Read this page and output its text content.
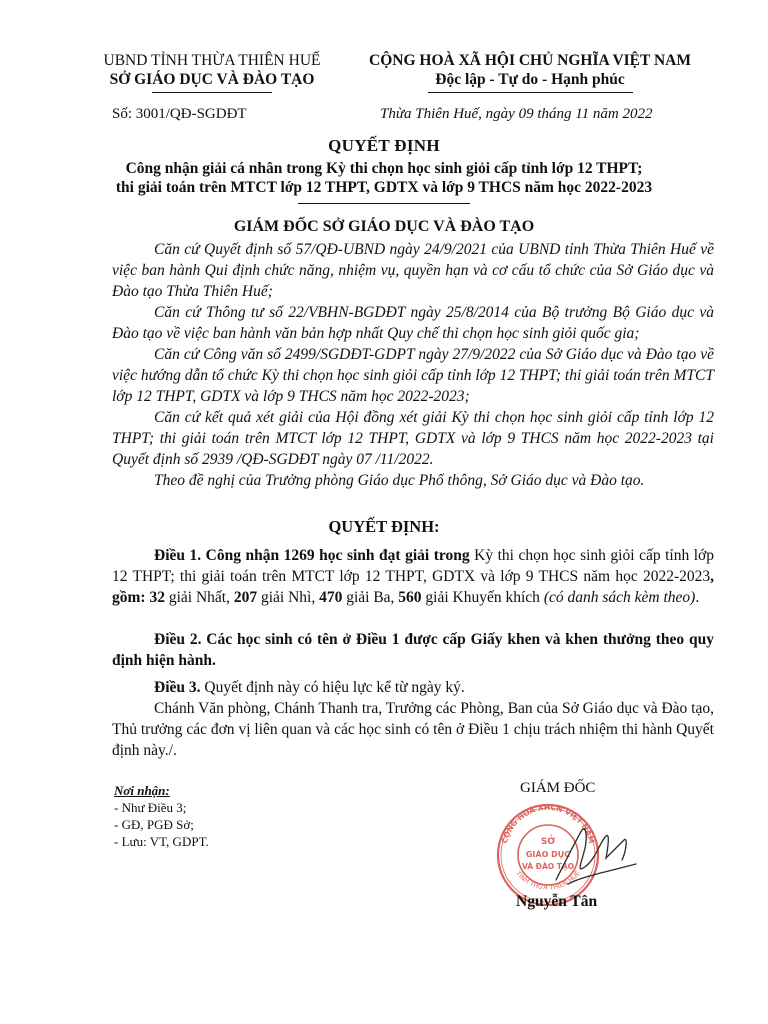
UBND TỈNH THỪA THIÊN HUẾ
SỞ GIÁO DỤC VÀ ĐÀO TẠO
CỘNG HOÀ XÃ HỘI CHỦ NGHĨA VIỆT NAM
Độc lập - Tự do - Hạnh phúc
Số: 3001/QĐ-SGDĐT	Thừa Thiên Huế, ngày 09 tháng 11 năm 2022
QUYẾT ĐỊNH
Công nhận giải cá nhân trong Kỳ thi chọn học sinh giỏi cấp tỉnh lớp 12 THPT;
thi giải toán trên MTCT lớp 12 THPT, GDTX và lớp 9 THCS năm học 2022-2023
GIÁM ĐỐC SỞ GIÁO DỤC VÀ ĐÀO TẠO
Căn cứ Quyết định số 57/QĐ-UBND ngày 24/9/2021 của UBND tỉnh Thừa Thiên Huế về việc ban hành Qui định chức năng, nhiệm vụ, quyền hạn và cơ cấu tổ chức của Sở Giáo dục và Đào tạo Thừa Thiên Huế;
Căn cứ Thông tư số 22/VBHN-BGDĐT ngày 25/8/2014 của Bộ trưởng Bộ Giáo dục và Đào tạo về việc ban hành văn bản hợp nhất Quy chế thi chọn học sinh giỏi quốc gia;
Căn cứ Công văn số 2499/SGDĐT-GDPT ngày 27/9/2022 của Sở Giáo dục và Đào tạo về việc hướng dẫn tổ chức Kỳ thi chọn học sinh giỏi cấp tỉnh lớp 12 THPT; thi giải toán trên MTCT lớp 12 THPT, GDTX và lớp 9 THCS năm học 2022-2023;
Căn cứ kết quả xét giải của Hội đồng xét giải Kỳ thi chọn học sinh giỏi cấp tỉnh lớp 12 THPT; thi giải toán trên MTCT lớp 12 THPT, GDTX và lớp 9 THCS năm học 2022-2023 tại Quyết định số 2939 /QĐ-SGDĐT ngày 07 /11/2022.
Theo đề nghị của Trưởng phòng Giáo dục Phổ thông, Sở Giáo dục và Đào tạo.
QUYẾT ĐỊNH:
Điều 1. Công nhận 1269 học sinh đạt giải trong Kỳ thi chọn học sinh giỏi cấp tỉnh lớp 12 THPT; thi giải toán trên MTCT lớp 12 THPT, GDTX và lớp 9 THCS năm học 2022-2023, gồm: 32 giải Nhất, 207 giải Nhì, 470 giải Ba, 560 giải Khuyến khích (có danh sách kèm theo).
Điều 2. Các học sinh có tên ở Điều 1 được cấp Giấy khen và khen thưởng theo quy định hiện hành.
Điều 3. Quyết định này có hiệu lực kể từ ngày ký.
Chánh Văn phòng, Chánh Thanh tra, Trưởng các Phòng, Ban của Sở Giáo dục và Đào tạo, Thủ trưởng các đơn vị liên quan và các học sinh có tên ở Điều 1 chịu trách nhiệm thi hành Quyết định này./.
Nơi nhận:
- Như Điều 3;
- GĐ, PGĐ Sở;
- Lưu: VT, GDPT.
GIÁM ĐỐC
CỘNG HOÀ XHCN VIỆT NAM
TỈNH THỪA THIÊN HUẾ
SỞ
GIÁO DỤC
VÀ ĐÀO TẠO
Nguyễn Tân
